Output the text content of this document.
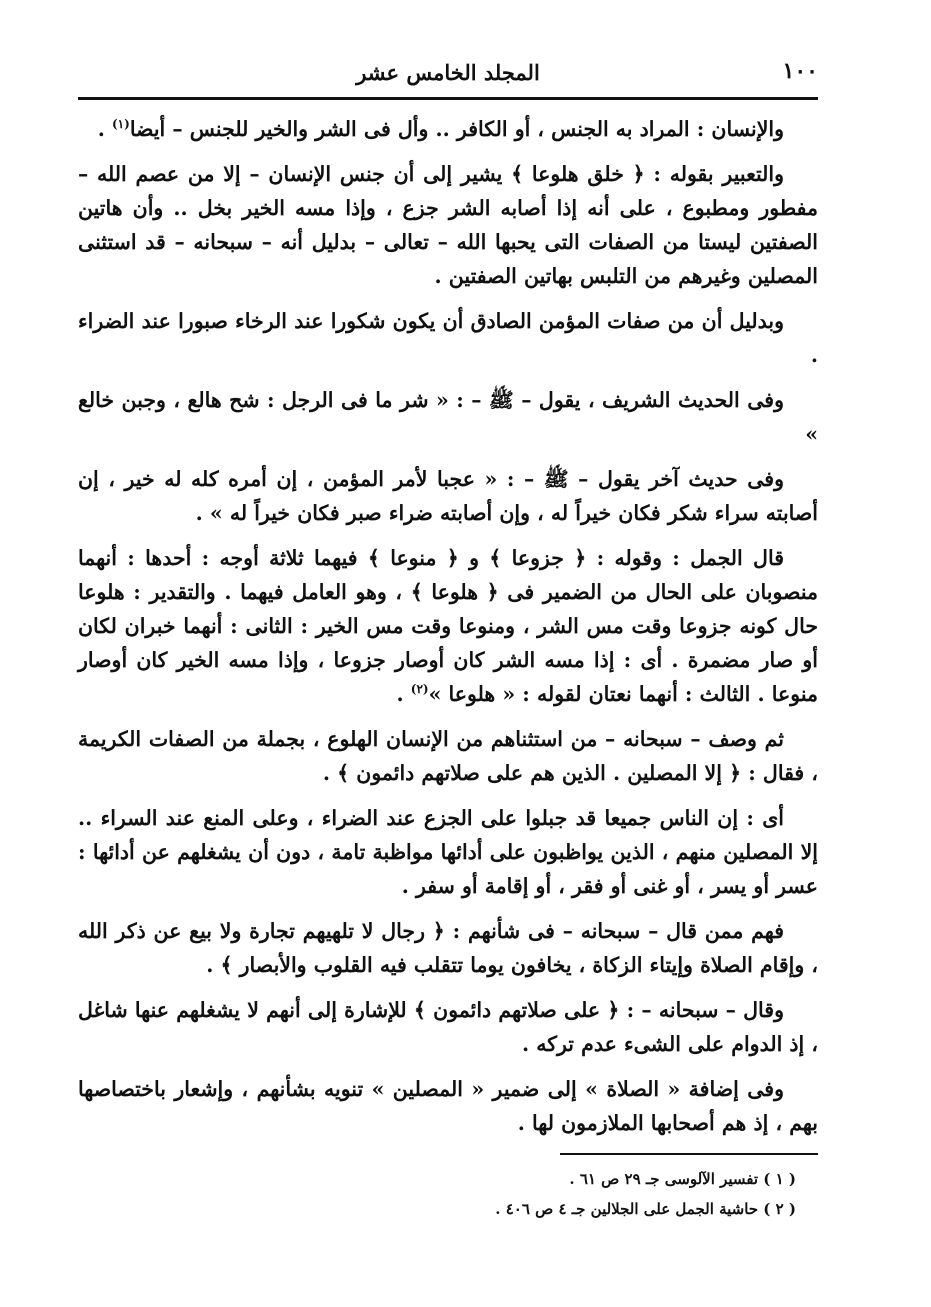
١٠٠
المجلد الخامس عشر

والإنسان : المراد به الجنس ، أو الكافر .. وأل فى الشر والخير للجنس – أيضا$^{(١)}$ .

والتعبير بقوله : ﴿ خلق هلوعا ﴾ يشير إلى أن جنس الإنسان – إلا من عصم الله – مفطور ومطبوع ، على أنه إذا أصابه الشر جزع ، وإذا مسه الخير بخل .. وأن هاتين الصفتين ليستا من الصفات التى يحبها الله – تعالى – بدليل أنه – سبحانه – قد استثنى المصلين وغيرهم من التلبس بهاتين الصفتين .

وبدليل أن من صفات المؤمن الصادق أن يكون شكورا عند الرخاء صبورا عند الضراء .

وفى الحديث الشريف ، يقول – ﷺ – : « شر ما فى الرجل : شح هالع ، وجبن خالع »

وفى حديث آخر يقول – ﷺ – : « عجبا لأمر المؤمن ، إن أمره كله له خير ، إن أصابته سراء شكر فكان خيراً له ، وإن أصابته ضراء صبر فكان خيراً له » .

قال الجمل : وقوله : ﴿ جزوعا ﴾ و ﴿ منوعا ﴾ فيهما ثلاثة أوجه : أحدها : أنهما منصوبان على الحال من الضمير فى ﴿ هلوعا ﴾ ، وهو العامل فيهما . والتقدير : هلوعا حال كونه جزوعا وقت مس الشر ، ومنوعا وقت مس الخير : الثانى : أنهما خبران لكان أو صار مضمرة . أى : إذا مسه الشر كان أوصار جزوعا ، وإذا مسه الخير كان أوصار منوعا . الثالث : أنهما نعتان لقوله : « هلوعا »$^{(٢)}$ .

ثم وصف – سبحانه – من استثناهم من الإنسان الهلوع ، بجملة من الصفات الكريمة ، فقال : ﴿ إلا المصلين . الذين هم على صلاتهم دائمون ﴾ .

أى : إن الناس جميعا قد جبلوا على الجزع عند الضراء ، وعلى المنع عند السراء .. إلا المصلين منهم ، الذين يواظبون على أدائها مواظبة تامة ، دون أن يشغلهم عن أدائها : عسر أو يسر ، أو غنى أو فقر ، أو إقامة أو سفر .

فهم ممن قال – سبحانه – فى شأنهم : ﴿ رجال لا تلهيهم تجارة ولا بيع عن ذكر الله ، وإقام الصلاة وإيتاء الزكاة ، يخافون يوما تتقلب فيه القلوب والأبصار ﴾ .

وقال – سبحانه – : ﴿ على صلاتهم دائمون ﴾ للإشارة إلى أنهم لا يشغلهم عنها شاغل ، إذ الدوام على الشىء عدم تركه .

وفى إضافة « الصلاة » إلى ضمير « المصلين » تنويه بشأنهم ، وإشعار باختصاصها بهم ، إذ هم أصحابها الملازمون لها .

( ١ ) تفسير الآلوسى جـ ٢٩ ص ٦١ .
( ٢ ) حاشية الجمل على الجلالين جـ ٤ ص ٤٠٦ .
